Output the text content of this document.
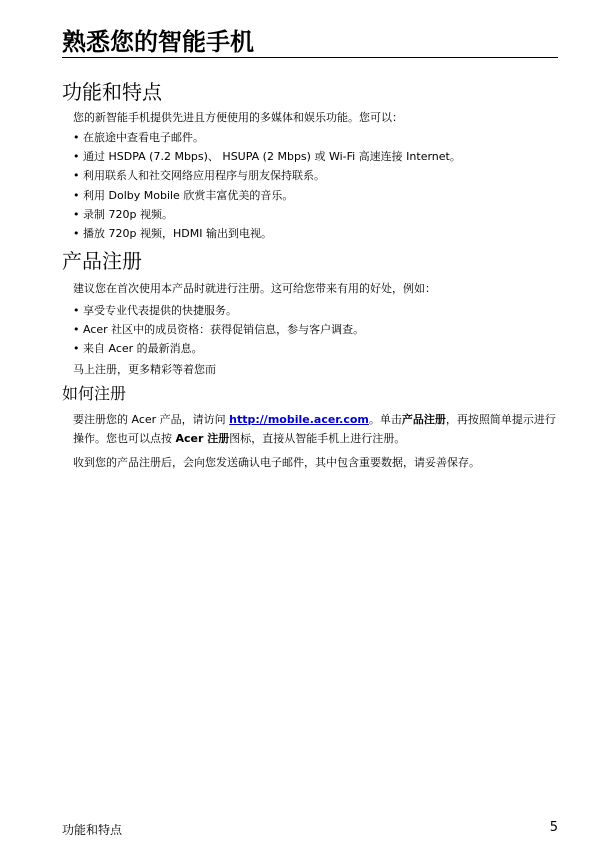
熟悉您的智能手机
功能和特点

您的新智能手机提供先进且方便使用的多媒体和娱乐功能。您可以：

• 在旅途中查看电子邮件。
• 通过 HSDPA (7.2 Mbps)、 HSUPA (2 Mbps) 或 Wi-Fi 高速连接 Internet。
• 利用联系人和社交网络应用程序与朋友保持联系。
• 利用 Dolby Mobile 欣赏丰富优美的音乐。
• 录制 720p 视频。
• 播放 720p 视频，HDMI 输出到电视。
产品注册

建议您在首次使用本产品时就进行注册。这可给您带来有用的好处，例如：

• 享受专业代表提供的快捷服务。
• Acer 社区中的成员资格：获得促销信息，参与客户调查。
• 来自 Acer 的最新消息。

马上注册，更多精彩等着您而

如何注册

要注册您的 Acer 产品，请访问 http://mobile.acer.com。单击产品注册，再按照简单提示进行操作。您也可以点按 Acer 注册图标，直接从智能手机上进行注册。

收到您的产品注册后，会向您发送确认电子邮件，其中包含重要数据，请妥善保存。

功能和特点	5
